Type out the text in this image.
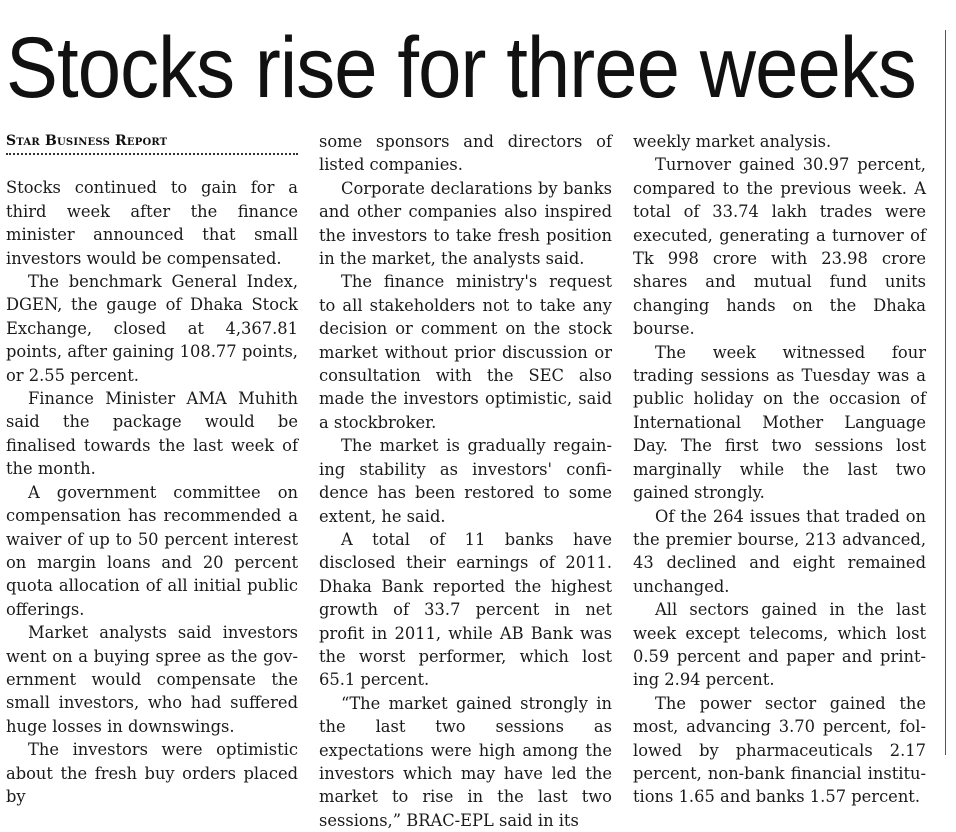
Stocks rise for three weeks
Star Business Report

Stocks continued to gain for a third week after the finance minister announced that small investors would be compensated.

The benchmark General Index, DGEN, the gauge of Dhaka Stock Exchange, closed at 4,367.81 points, after gaining 108.77 points, or 2.55 percent.

Finance Minister AMA Muhith said the package would be finalised towards the last week of the month.

A government committee on compensation has recommended a waiver of up to 50 percent interest on margin loans and 20 percent quota allocation of all initial public offerings.

Market analysts said investors went on a buying spree as the government would compensate the small investors, who had suffered huge losses in downswings.

The investors were optimistic about the fresh buy orders placed by

some sponsors and directors of listed companies.

Corporate declarations by banks and other companies also inspired the investors to take fresh position in the market, the analysts said.

The finance ministry's request to all stakeholders not to take any decision or comment on the stock market without prior discussion or consultation with the SEC also made the investors optimistic, said a stockbroker.

The market is gradually regaining stability as investors' confidence has been restored to some extent, he said.

A total of 11 banks have disclosed their earnings of 2011. Dhaka Bank reported the highest growth of 33.7 percent in net profit in 2011, while AB Bank was the worst performer, which lost 65.1 percent.

“The market gained strongly in the last two sessions as expectations were high among the investors which may have led the market to rise in the last two sessions,” BRAC-EPL said in its

weekly market analysis.

Turnover gained 30.97 percent, compared to the previous week. A total of 33.74 lakh trades were executed, generating a turnover of Tk 998 crore with 23.98 crore shares and mutual fund units changing hands on the Dhaka bourse.

The week witnessed four trading sessions as Tuesday was a public holiday on the occasion of International Mother Language Day. The first two sessions lost marginally while the last two gained strongly.

Of the 264 issues that traded on the premier bourse, 213 advanced, 43 declined and eight remained unchanged.

All sectors gained in the last week except telecoms, which lost 0.59 percent and paper and printing 2.94 percent.

The power sector gained the most, advancing 3.70 percent, followed by pharmaceuticals 2.17 percent, non-bank financial institutions 1.65 and banks 1.57 percent.
